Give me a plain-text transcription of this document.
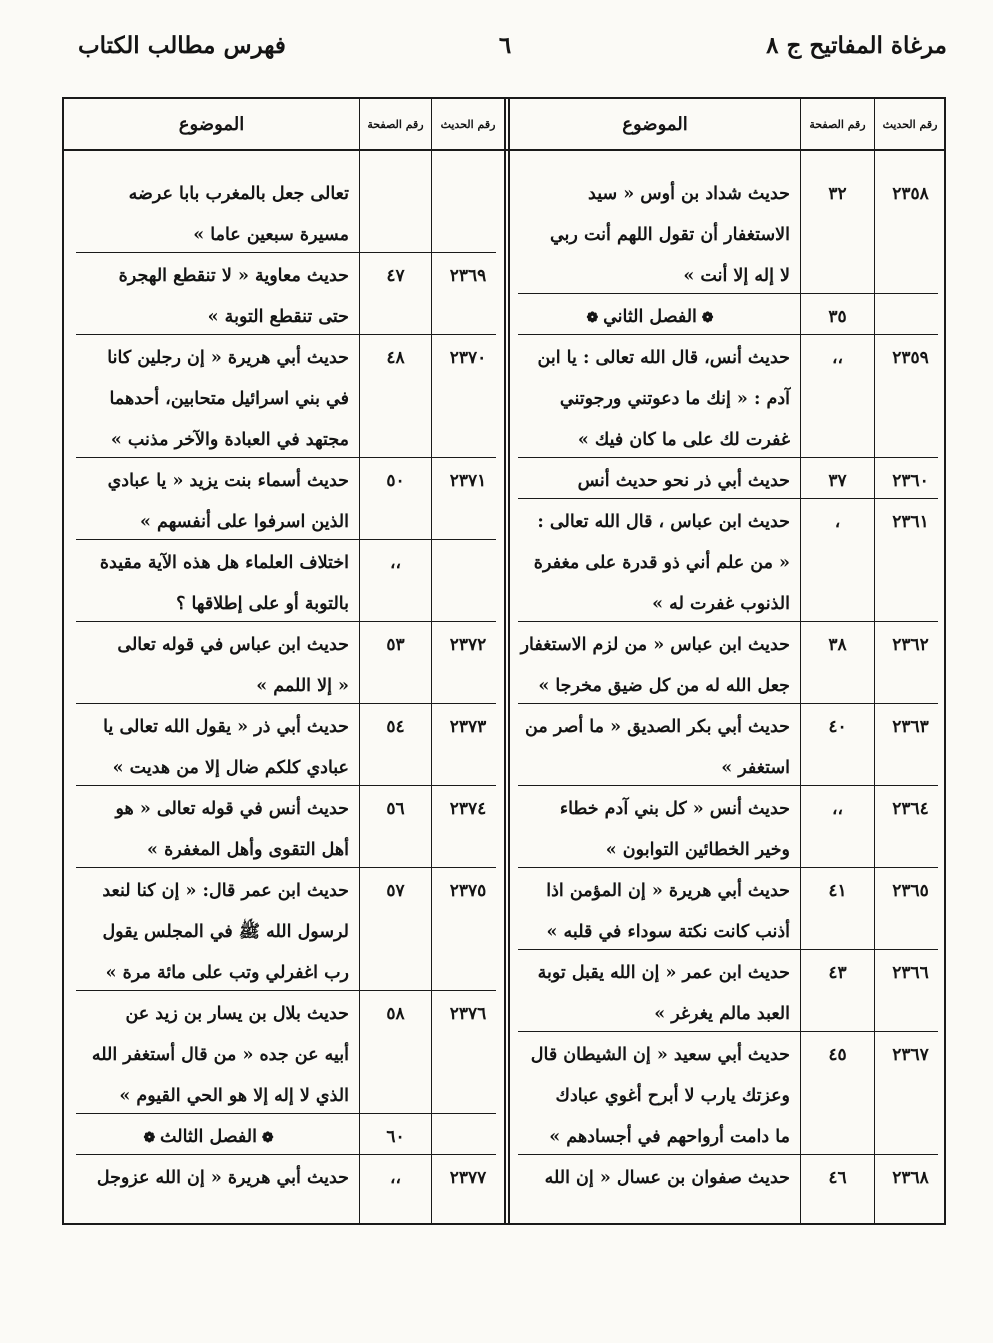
مرغاة المفاتيح ج ٨
٦
فهرس مطالب الكتاب
رقم الحديث
رقم الصفحة
الموضوع
رقم الحديث
رقم الصفحة
الموضوع
٢٣٥٨
٣٢
حديث شداد بن أوس « سيد
الاستغفار أن تقول اللهم أنت ربي
لا إله إلا أنت »
٣٥
❁ الفصل الثاني ❁
٢٣٥٩
،،
حديث أنس، قال الله تعالى : يا ابن
آدم : « إنك ما دعوتني ورجوتني
غفرت لك على ما كان فيك »
٢٣٦٠
٣٧
حديث أبي ذر نحو حديث أنس
٢٣٦١
،
حديث ابن عباس ، قال الله تعالى :
« من علم أني ذو قدرة على مغفرة
الذنوب غفرت له »
٢٣٦٢
٣٨
حديث ابن عباس « من لزم الاستغفار
جعل الله له من كل ضيق مخرجا »
٢٣٦٣
٤٠
حديث أبي بكر الصديق « ما أصر من
استغفر »
٢٣٦٤
،،
حديث أنس « كل بني آدم خطاء
وخير الخطائين التوابون »
٢٣٦٥
٤١
حديث أبي هريرة « إن المؤمن اذا
أذنب كانت نكتة سوداء في قلبه »
٢٣٦٦
٤٣
حديث ابن عمر « إن الله يقبل توبة
العبد مالم يغرغر »
٢٣٦٧
٤٥
حديث أبي سعيد « إن الشيطان قال
وعزتك يارب لا أبرح أغوي عبادك
ما دامت أرواحهم في أجسادهم »
٢٣٦٨
٤٦
حديث صفوان بن عسال « إن الله
تعالى جعل بالمغرب بابا عرضه
مسيرة سبعين عاما »
٢٣٦٩
٤٧
حديث معاوية « لا تنقطع الهجرة
حتى تنقطع التوبة »
٢٣٧٠
٤٨
حديث أبي هريرة « إن رجلين كانا
في بني اسرائيل متحابين، أحدهما
مجتهد في العبادة والآخر مذنب »
٢٣٧١
٥٠
حديث أسماء بنت يزيد « يا عبادي
الذين اسرفوا على أنفسهم »
،،
اختلاف العلماء هل هذه الآية مقيدة
بالتوبة أو على إطلاقها ؟
٢٣٧٢
٥٣
حديث ابن عباس في قوله تعالى
« إلا اللمم »
٢٣٧٣
٥٤
حديث أبي ذر « يقول الله تعالى يا
عبادي كلكم ضال إلا من هديت »
٢٣٧٤
٥٦
حديث أنس في قوله تعالى « هو
أهل التقوى وأهل المغفرة »
٢٣٧٥
٥٧
حديث ابن عمر قال: « إن كنا لنعد
لرسول الله ﷺ في المجلس يقول
رب اغفرلي وتب على مائة مرة »
٢٣٧٦
٥٨
حديث بلال بن يسار بن زيد عن
أبيه عن جده « من قال أستغفر الله
الذي لا إله إلا هو الحي القيوم »
٦٠
❁ الفصل الثالث ❁
٢٣٧٧
،،
حديث أبي هريرة « إن الله عزوجل
